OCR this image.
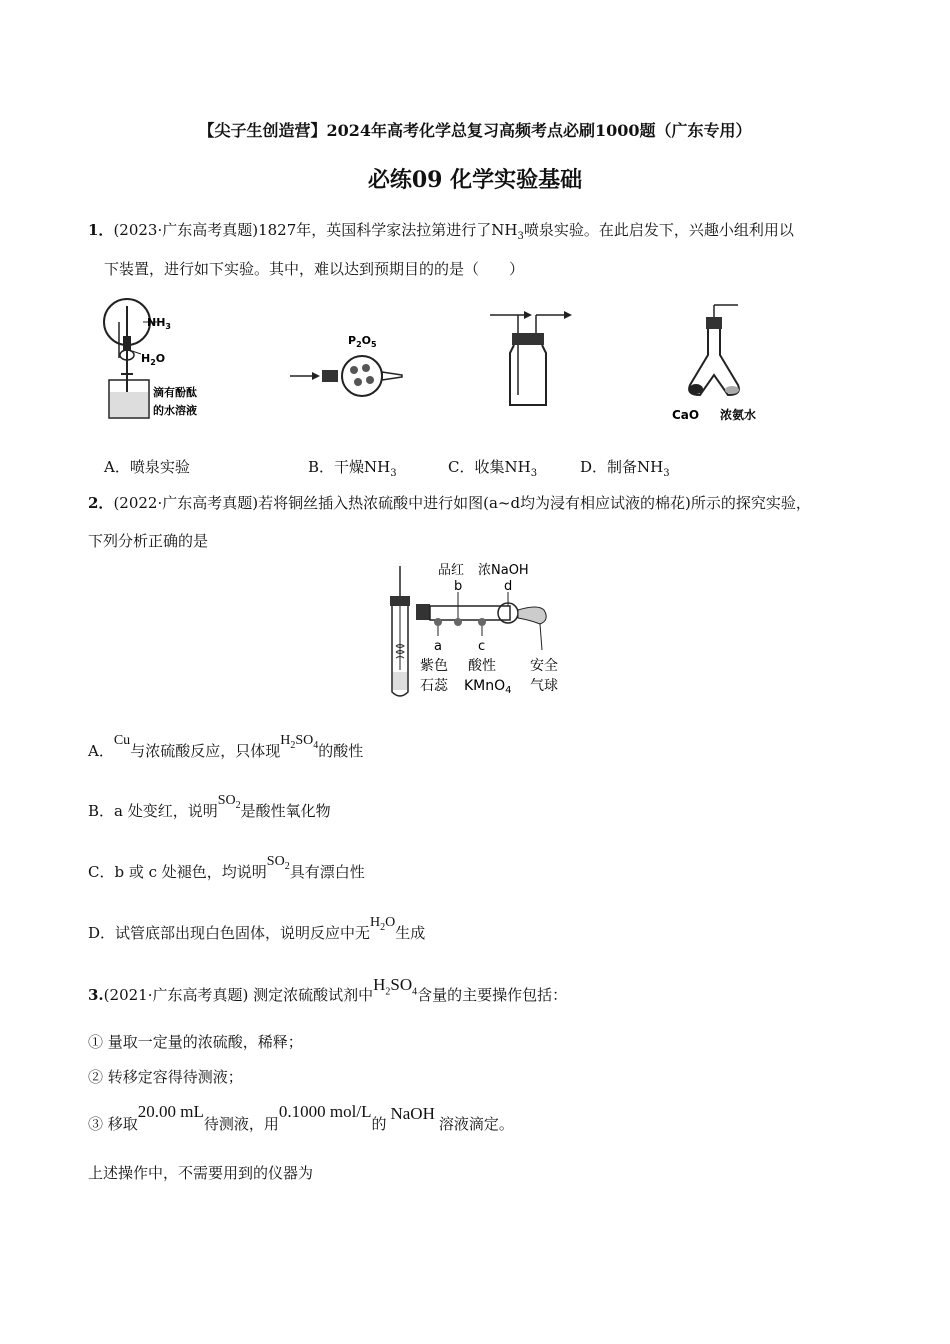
【尖子生创造营】2024年高考化学总复习高频考点必刷1000题（广东专用）
必练09 化学实验基础
1．(2023·广东高考真题)1827年，英国科学家法拉第进行了$NH_3$喷泉实验。在此启发下，兴趣小组利用以
下装置，进行如下实验。其中，难以达到预期目的的是（　　）
$NH_3$
$H_2O$
滴有酚酞
的水溶液
$P_2O_5$
CaO 浓氨水
A．喷泉实验	B．干燥$NH_3$	C．收集$NH_3$	D．制备$NH_3$
2．(2022·广东高考真题)若将铜丝插入热浓硫酸中进行如图(a~d均为浸有相应试液的棉花)所示的探究实验，
下列分析正确的是
品红 浓NaOH
b	d
a	c
紫色 酸性 安全
石蕊 KMnO$_4$ 气球
A．Cu与浓硫酸反应，只体现$H_2SO_4$的酸性
B．a 处变红，说明$SO_2$是酸性氧化物
C．b 或 c 处褪色，均说明$SO_2$具有漂白性
D．试管底部出现白色固体，说明反应中无$H_2O$生成
3.(2021·广东高考真题) 测定浓硫酸试剂中$H_2SO_4$含量的主要操作包括：
① 量取一定量的浓硫酸，稀释；
② 转移定容得待测液；
③ 移取20.00 mL待测液，用0.1000 mol/L的NaOH溶液滴定。
上述操作中，不需要用到的仪器为
